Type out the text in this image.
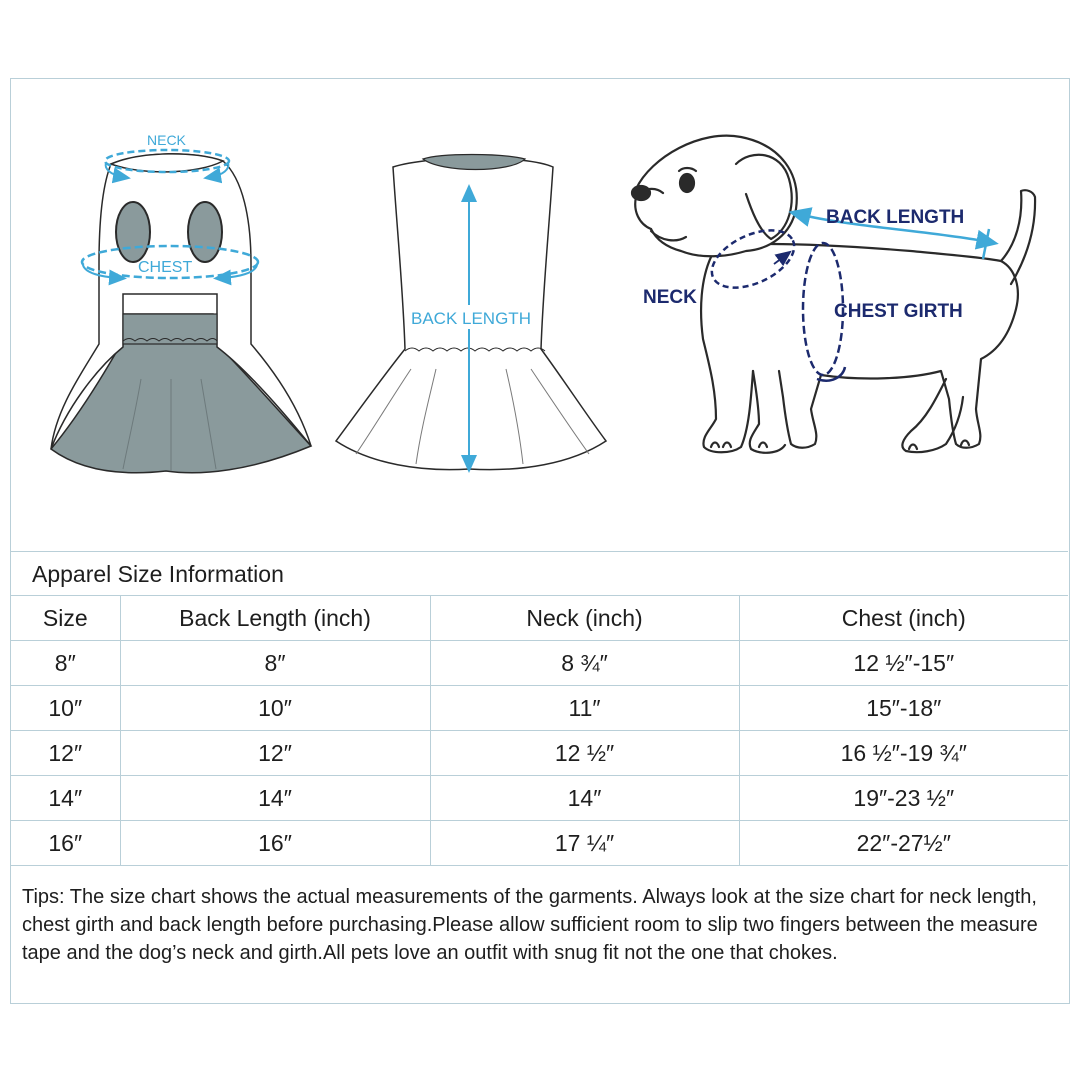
NECK
CHEST
BACK LENGTH
BACK LENGTH
NECK
CHEST GIRTH
Apparel Size Information
Size	Back Length (inch)	Neck (inch)	Chest (inch)
8″	8″	8 ¾″	12 ½″-15″
10″	10″	11″	15″-18″
12″	12″	12 ½″	16 ½″-19 ¾″
14″	14″	14″	19″-23 ½″
16″	16″	17 ¼″	22″-27½″
Tips: The size chart shows the actual measurements of the garments. Always look at the size chart for neck length, chest girth and back length before purchasing.Please allow sufficient room to slip two fingers between the measure tape and the dog’s neck and girth.All pets love an outfit with snug fit not the one that chokes.
